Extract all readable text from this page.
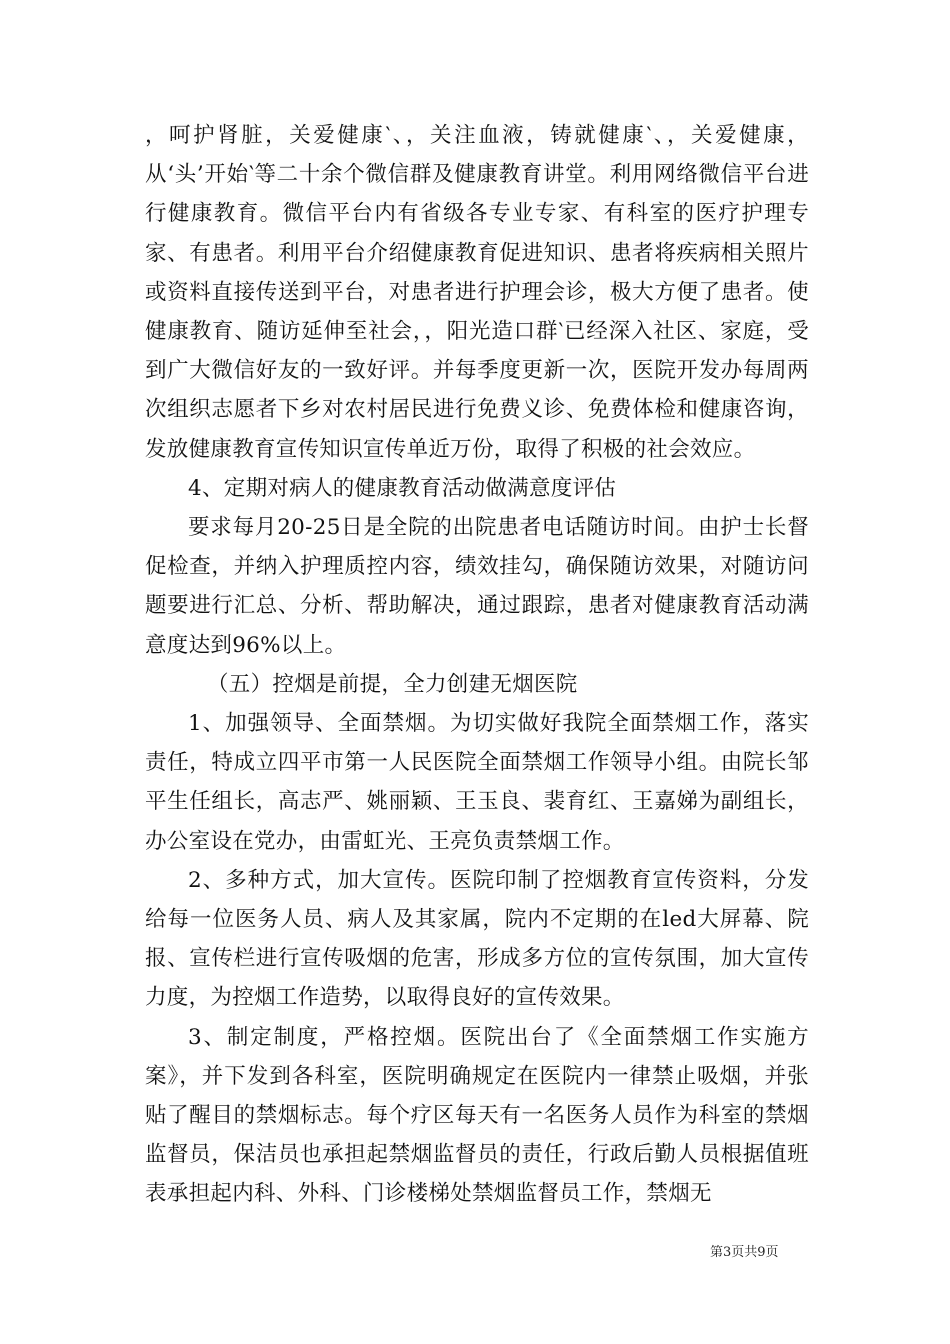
，呵护肾脏，关爱健康‵、，关注血液，铸就健康‵、，关爱健康，从‘头’开始‵等二十余个微信群及健康教育讲堂。利用网络微信平台进行健康教育。微信平台内有省级各专业专家、有科室的医疗护理专家、有患者。利用平台介绍健康教育促进知识、患者将疾病相关照片或资料直接传送到平台，对患者进行护理会诊，极大方便了患者。使健康教育、随访延伸至社会，，阳光造口群‵已经深入社区、家庭，受到广大微信好友的一致好评。并每季度更新一次，医院开发办每周两次组织志愿者下乡对农村居民进行免费义诊、免费体检和健康咨询，发放健康教育宣传知识宣传单近万份，取得了积极的社会效应。

4、定期对病人的健康教育活动做满意度评估

要求每月20-25日是全院的出院患者电话随访时间。由护士长督促检查，并纳入护理质控内容，绩效挂勾，确保随访效果，对随访问题要进行汇总、分析、帮助解决，通过跟踪，患者对健康教育活动满意度达到96%以上。

（五）控烟是前提，全力创建无烟医院

1、加强领导、全面禁烟。为切实做好我院全面禁烟工作，落实责任，特成立四平市第一人民医院全面禁烟工作领导小组。由院长邹平生任组长，高志严、姚丽颖、王玉良、裴育红、王嘉娣为副组长，办公室设在党办，由雷虹光、王亮负责禁烟工作。

2、多种方式，加大宣传。医院印制了控烟教育宣传资料，分发给每一位医务人员、病人及其家属，院内不定期的在led大屏幕、院报、宣传栏进行宣传吸烟的危害，形成多方位的宣传氛围，加大宣传力度，为控烟工作造势，以取得良好的宣传效果。

3、制定制度，严格控烟。医院出台了《全面禁烟工作实施方案》，并下发到各科室，医院明确规定在医院内一律禁止吸烟，并张贴了醒目的禁烟标志。每个疗区每天有一名医务人员作为科室的禁烟监督员，保洁员也承担起禁烟监督员的责任，行政后勤人员根据值班表承担起内科、外科、门诊楼梯处禁烟监督员工作，禁烟无

第3页共9页
